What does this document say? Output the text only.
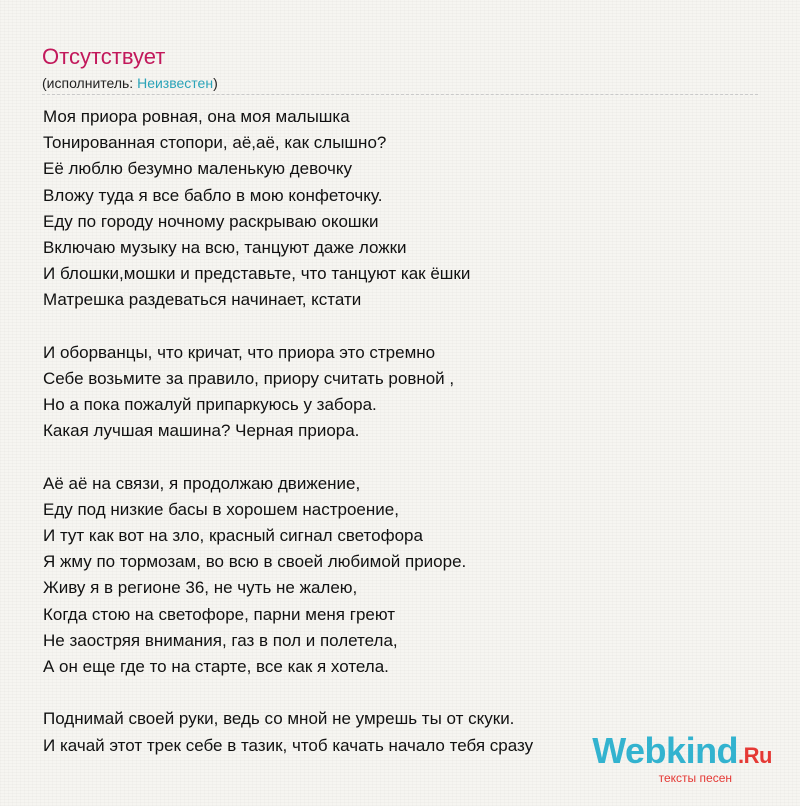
Отсутствует
(исполнитель: Неизвестен)
Моя приора ровная, она моя малышка
Тонированная стопори, аё,аё, как слышно?
Её люблю безумно маленькую девочку
Вложу туда я все бабло в мою конфеточку.
Еду по городу ночному раскрываю окошки
Включаю музыку на всю, танцуют даже ложки
И блошки,мошки и представьте, что танцуют как ёшки
Матрешка раздеваться начинает, кстати
И оборванцы, что кричат, что приора это стремно
Себе возьмите за правило, приору считать ровной ,
Но а пока пожалуй припаркуюсь у забора.
Какая лучшая машина? Черная приора.
Аё аё на связи, я продолжаю движение,
Еду под низкие басы в хорошем настроение,
И тут как вот на зло, красный сигнал светофора
Я жму по тормозам, во всю в своей любимой приоре.
Живу я в регионе 36, не чуть не жалею,
Когда стою на светофоре, парни меня греют
Не заостряя внимания, газ в пол и полетела,
А он еще где то на старте, все как я хотела.
Поднимай своей руки, ведь со мной не умрешь ты от скуки.
И качай этот трек себе в тазик, чтоб качать начало тебя сразу	Webkind.Ru
тексты песен
